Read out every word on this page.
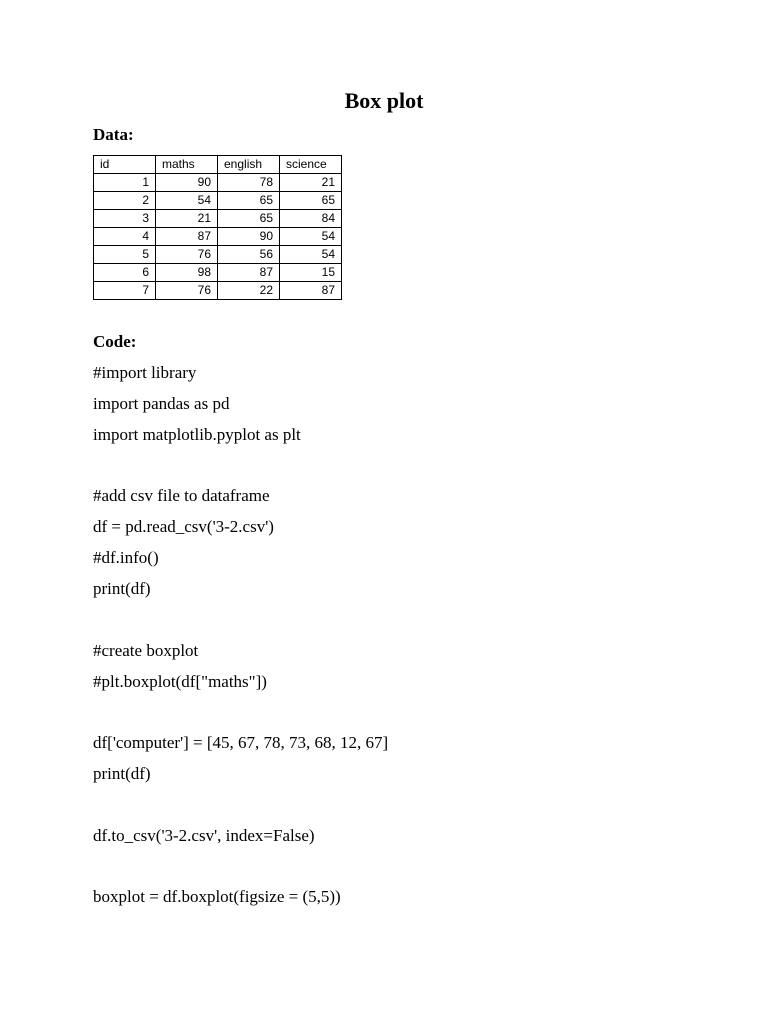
Box plot
Data:
id	maths	english	science
1	90	78	21
2	54	65	65
3	21	65	84
4	87	90	54
5	76	56	54
6	98	87	15
7	76	22	87
Code:
#import library
import pandas as pd
import matplotlib.pyplot as plt
#add csv file to dataframe
df = pd.read_csv('3-2.csv')
#df.info()
print(df)
#create boxplot
#plt.boxplot(df["maths"])
df['computer'] = [45, 67, 78, 73, 68, 12, 67]
print(df)
df.to_csv('3-2.csv', index=False)
boxplot = df.boxplot(figsize = (5,5))
